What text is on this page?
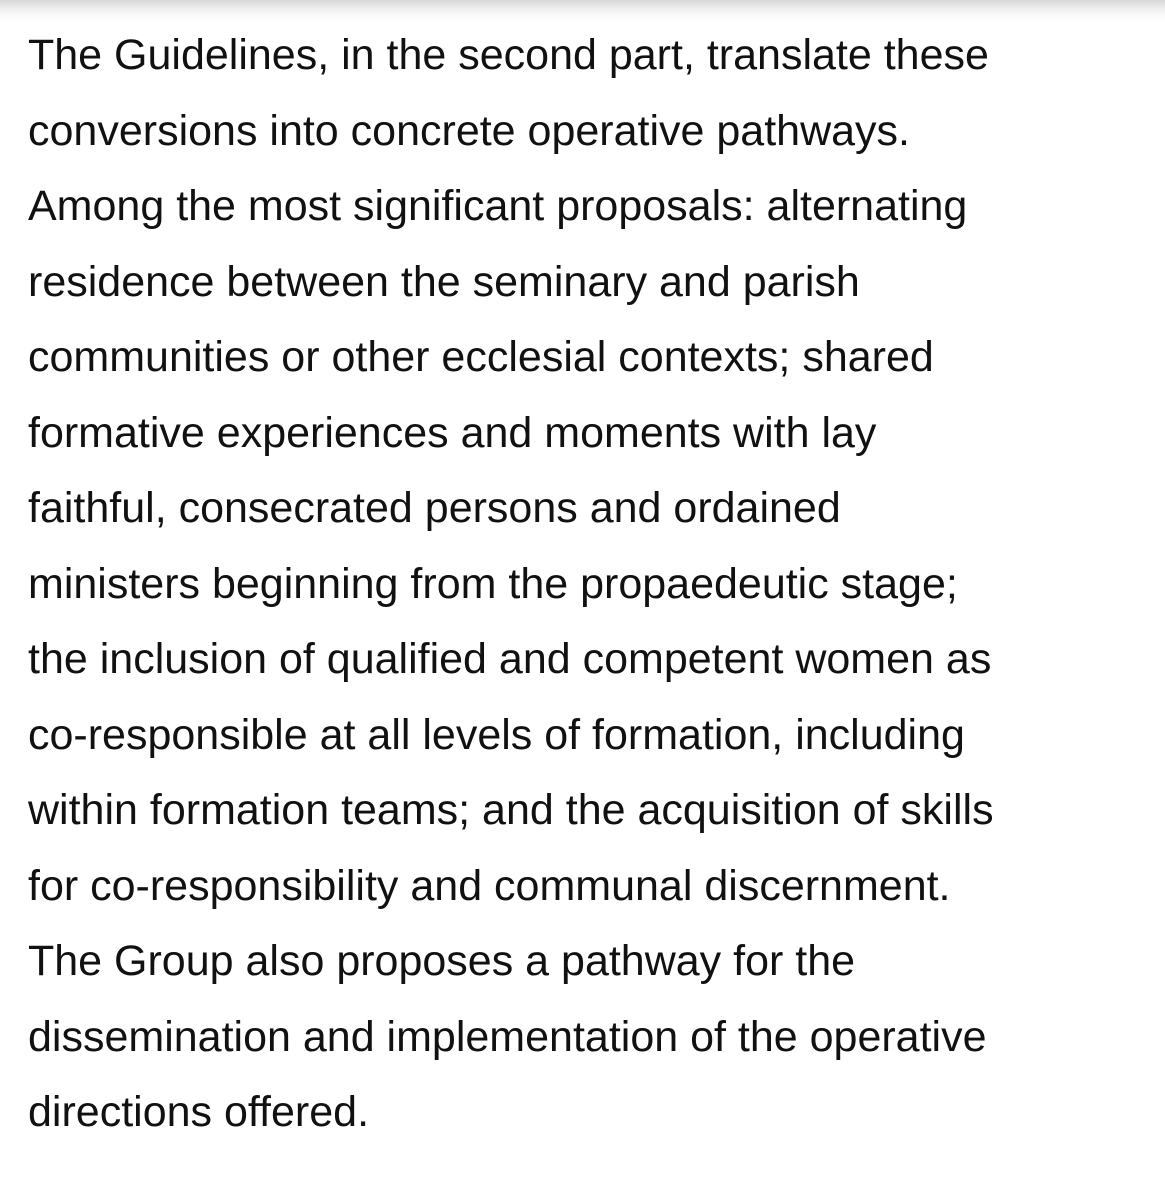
The Guidelines, in the second part, translate these
conversions into concrete operative pathways.
Among the most significant proposals: alternating
residence between the seminary and parish
communities or other ecclesial contexts; shared
formative experiences and moments with lay
faithful, consecrated persons and ordained
ministers beginning from the propaedeutic stage;
the inclusion of qualified and competent women as
co-responsible at all levels of formation, including
within formation teams; and the acquisition of skills
for co-responsibility and communal discernment.
The Group also proposes a pathway for the
dissemination and implementation of the operative
directions offered.
